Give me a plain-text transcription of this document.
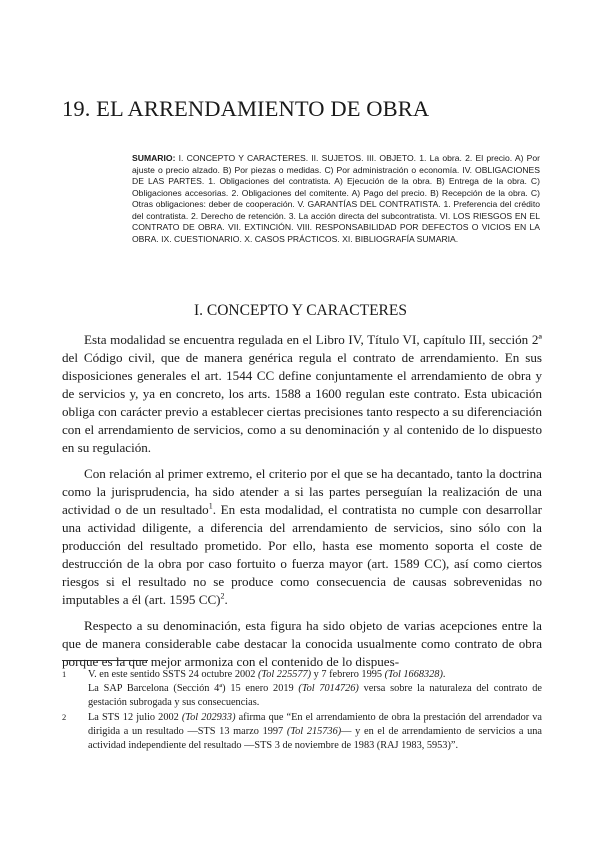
19. EL ARRENDAMIENTO DE OBRA

SUMARIO: I. CONCEPTO Y CARACTERES. II. SUJETOS. III. OBJETO. 1. La obra. 2. El precio. A) Por ajuste o precio alzado. B) Por piezas o medidas. C) Por administración o economía. IV. OBLIGACIONES DE LAS PARTES. 1. Obligaciones del contratista. A) Ejecución de la obra. B) Entrega de la obra. C) Obligaciones accesorias. 2. Obligaciones del comitente. A) Pago del precio. B) Recepción de la obra. C) Otras obligaciones: deber de cooperación. V. GARANTÍAS DEL CONTRATISTA. 1. Preferencia del crédito del contratista. 2. Derecho de retención. 3. La acción directa del subcontratista. VI. LOS RIESGOS EN EL CONTRATO DE OBRA. VII. EXTINCIÓN. VIII. RESPONSABILIDAD POR DEFECTOS O VICIOS EN LA OBRA. IX. CUESTIONARIO. X. CASOS PRÁCTICOS. XI. BIBLIOGRAFÍA SUMARIA.

I. CONCEPTO Y CARACTERES

Esta modalidad se encuentra regulada en el Libro IV, Título VI, capítulo III, sección 2ª del Código civil, que de manera genérica regula el contrato de arrendamiento. En sus disposiciones generales el art. 1544 CC define conjuntamente el arrendamiento de obra y de servicios y, ya en concreto, los arts. 1588 a 1600 regulan este contrato. Esta ubicación obliga con carácter previo a establecer ciertas precisiones tanto respecto a su diferenciación con el arrendamiento de servicios, como a su denominación y al contenido de lo dispuesto en su regulación.

Con relación al primer extremo, el criterio por el que se ha decantado, tanto la doctrina como la jurisprudencia, ha sido atender a si las partes perseguían la realización de una actividad o de un resultado$^1$. En esta modalidad, el contratista no cumple con desarrollar una actividad diligente, a diferencia del arrendamiento de servicios, sino sólo con la producción del resultado prometido. Por ello, hasta ese momento soporta el coste de destrucción de la obra por caso fortuito o fuerza mayor (art. 1589 CC), así como ciertos riesgos si el resultado no se produce como consecuencia de causas sobrevenidas no imputables a él (art. 1595 CC)$^2$.

Respecto a su denominación, esta figura ha sido objeto de varias acepciones entre la que de manera considerable cabe destacar la conocida usualmente como contrato de obra porque es la que mejor armoniza con el contenido de lo dispues-

1 V. en este sentido SSTS 24 octubre 2002 (Tol 225577) y 7 febrero 1995 (Tol 1668328).
La SAP Barcelona (Sección 4ª) 15 enero 2019 (Tol 7014726) versa sobre la naturaleza del contrato de gestación subrogada y sus consecuencias.
2 La STS 12 julio 2002 (Tol 202933) afirma que “En el arrendamiento de obra la prestación del arrendador va dirigida a un resultado —STS 13 marzo 1997 (Tol 215736)— y en el de arrendamiento de servicios a una actividad independiente del resultado —STS 3 de noviembre de 1983 (RAJ 1983, 5953)”.
